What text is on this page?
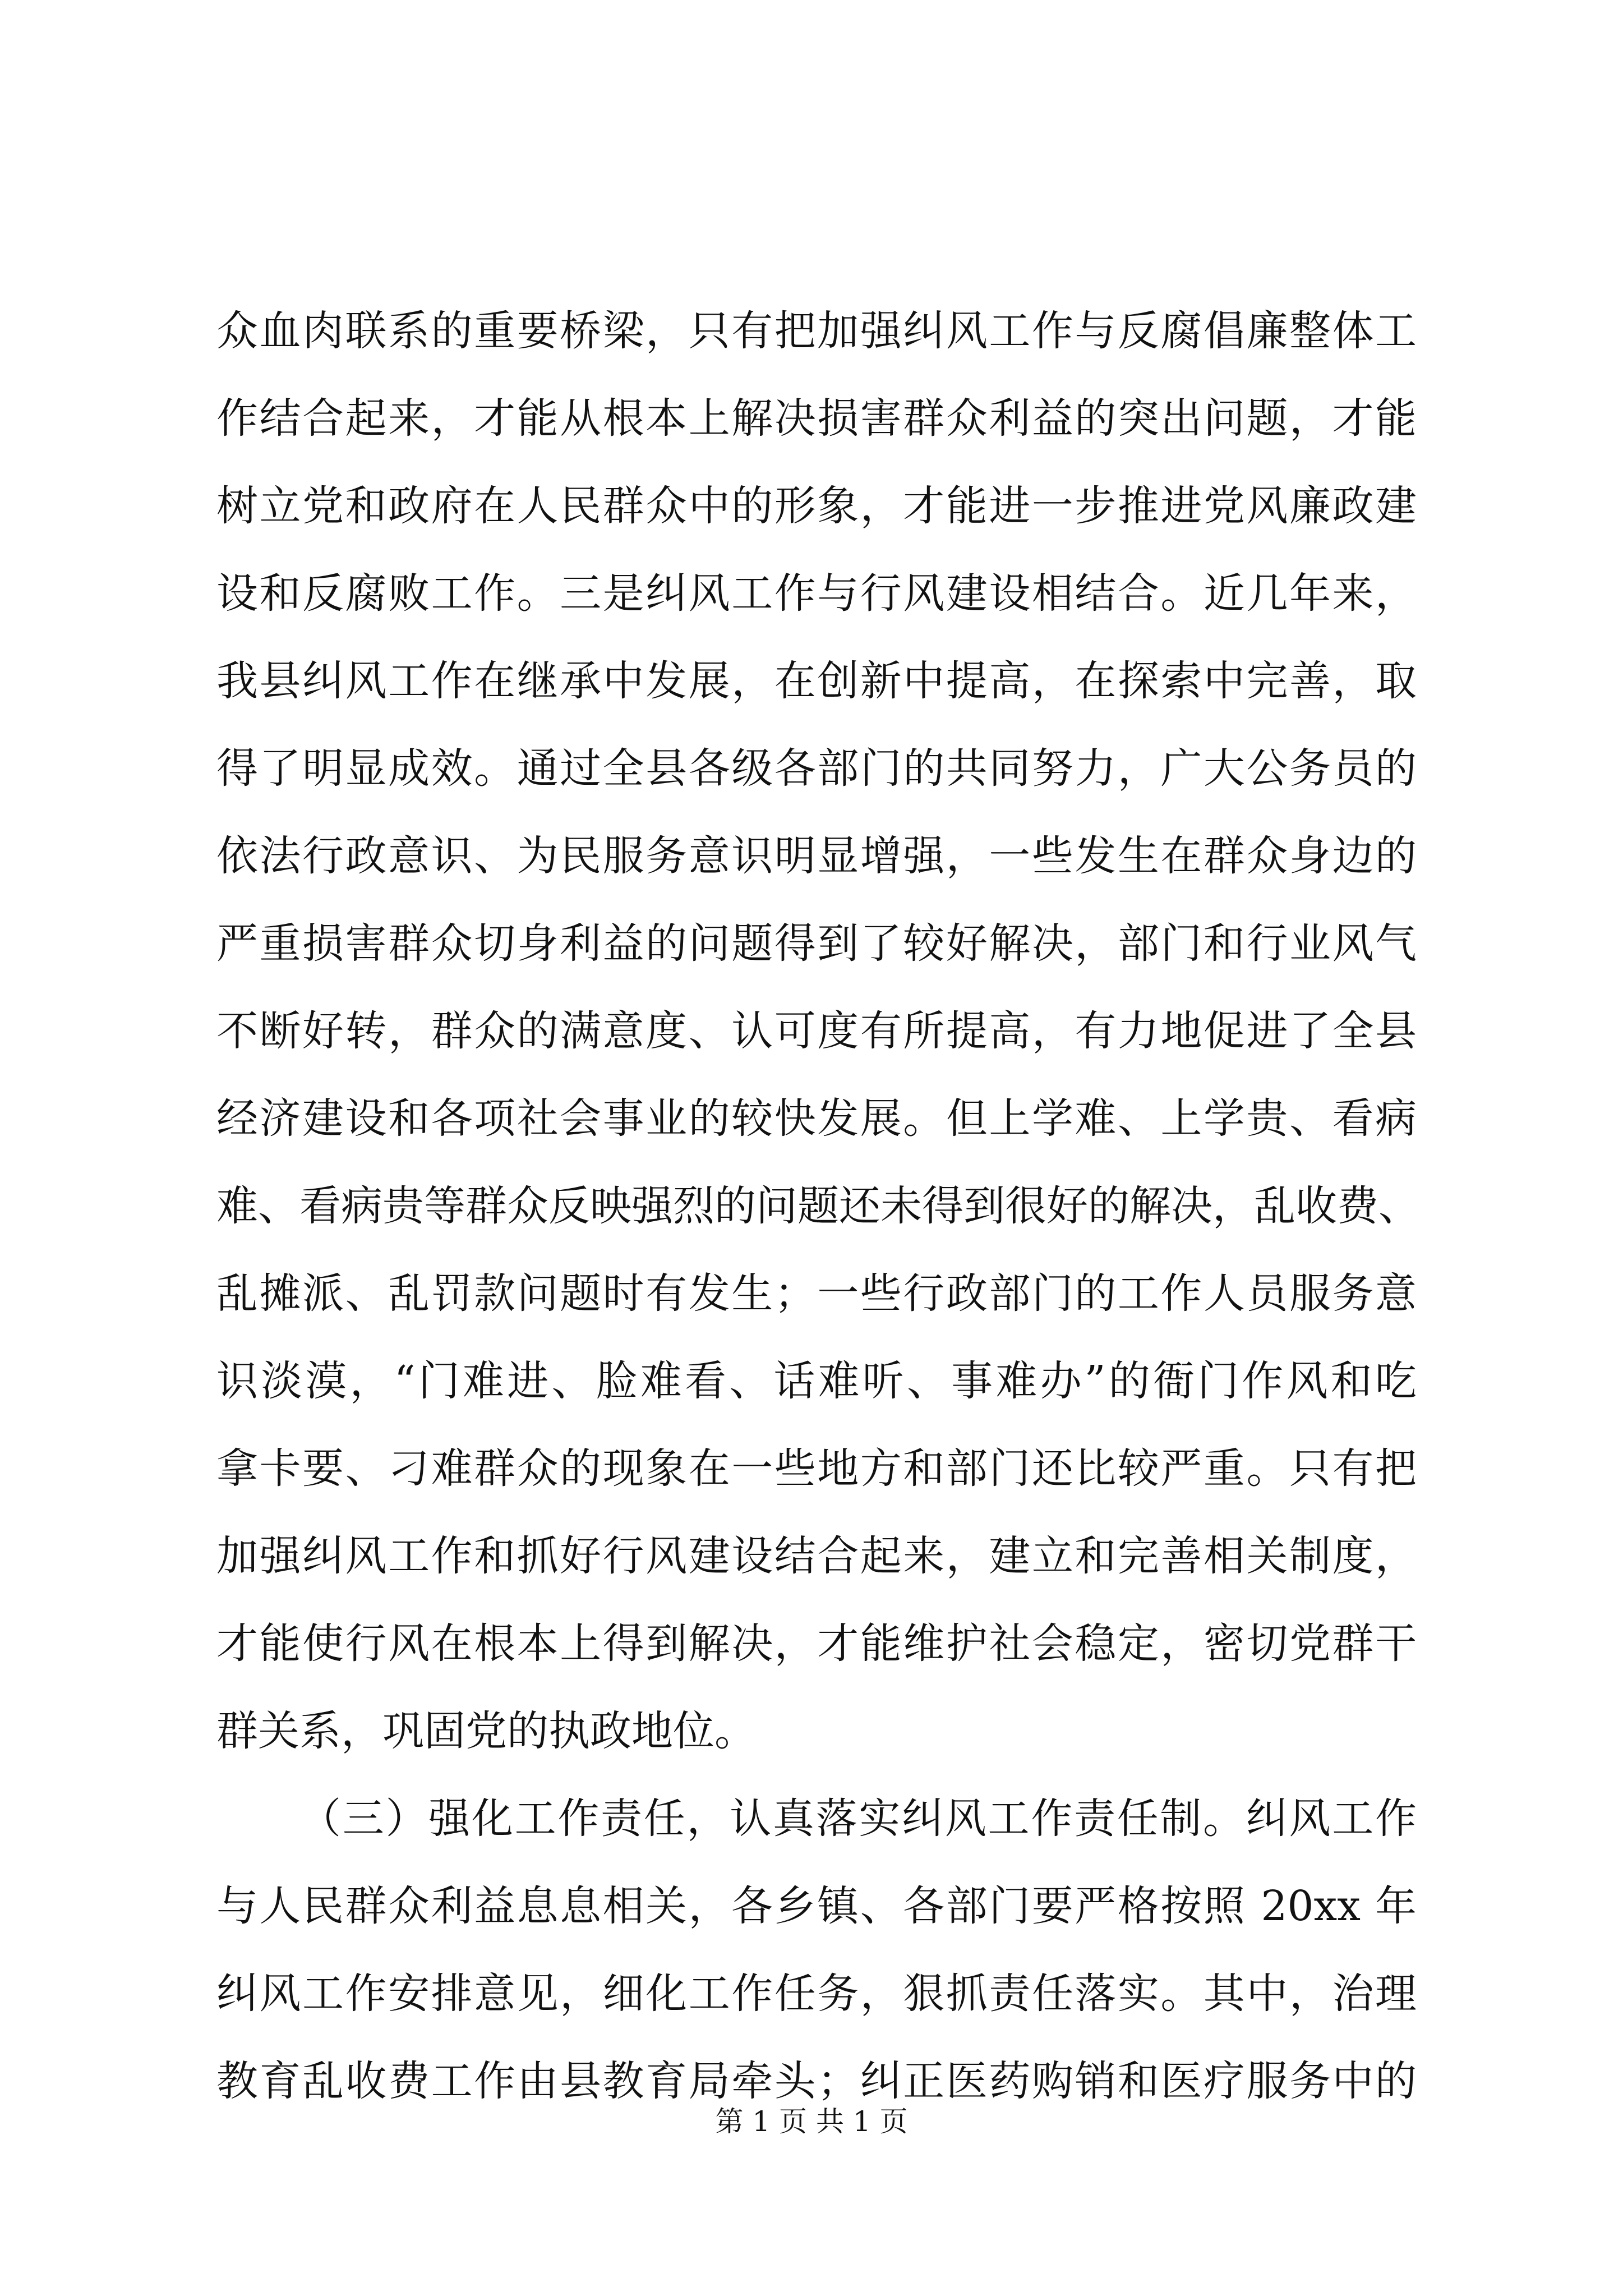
众血肉联系的重要桥梁，只有把加强纠风工作与反腐倡廉整体工
作结合起来，才能从根本上解决损害群众利益的突出问题，才能
树立党和政府在人民群众中的形象，才能进一步推进党风廉政建
设和反腐败工作。三是纠风工作与行风建设相结合。近几年来，
我县纠风工作在继承中发展，在创新中提高，在探索中完善，取
得了明显成效。通过全县各级各部门的共同努力，广大公务员的
依法行政意识、为民服务意识明显增强，一些发生在群众身边的
严重损害群众切身利益的问题得到了较好解决，部门和行业风气
不断好转，群众的满意度、认可度有所提高，有力地促进了全县
经济建设和各项社会事业的较快发展。但上学难、上学贵、看病
难、看病贵等群众反映强烈的问题还未得到很好的解决，乱收费、
乱摊派、乱罚款问题时有发生；一些行政部门的工作人员服务意
识淡漠，“门难进、脸难看、话难听、事难办”的衙门作风和吃
拿卡要、刁难群众的现象在一些地方和部门还比较严重。只有把
加强纠风工作和抓好行风建设结合起来，建立和完善相关制度，
才能使行风在根本上得到解决，才能维护社会稳定，密切党群干
群关系，巩固党的执政地位。
（三）强化工作责任，认真落实纠风工作责任制。纠风工作
与人民群众利益息息相关，各乡镇、各部门要严格按照 20xx 年
纠风工作安排意见，细化工作任务，狠抓责任落实。其中，治理
教育乱收费工作由县教育局牵头；纠正医药购销和医疗服务中的
第 1 页 共 1 页
